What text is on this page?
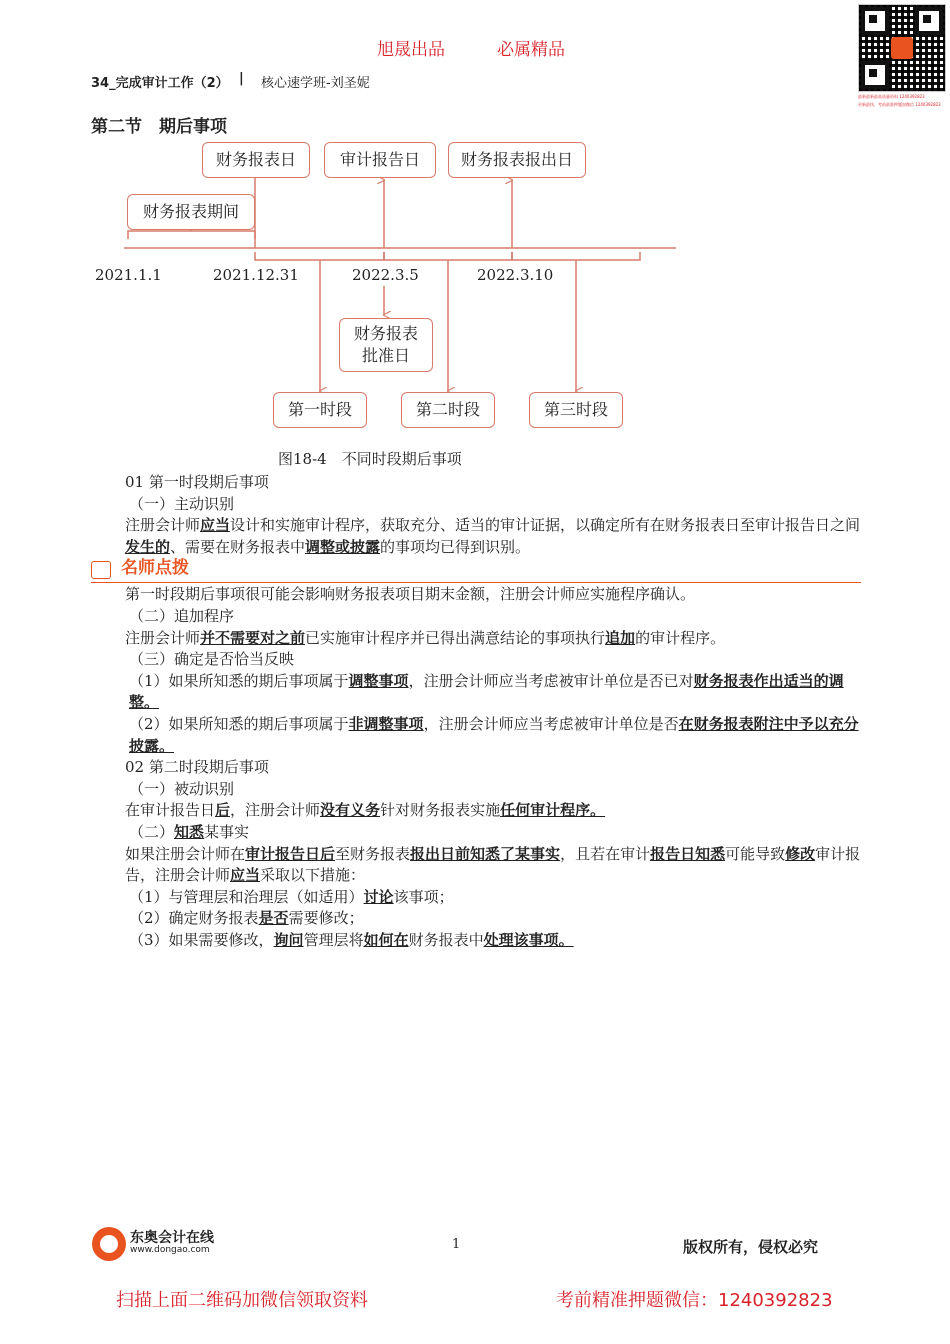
旭晟出品	必属精品
34_完成审计工作（2） | 核心速学班-刘圣妮
最新最新最高质量资料 1240392823
更新最快，考前最准押题加微信 1240392823
第二节　期后事项
财务报表日	审计报告日	财务报表报出日
财务报表期间
2021.1.1	2021.12.31	2022.3.5	2022.3.10
财务报表
批准日
第一时段	第二时段	第三时段
图18-4　不同时段期后事项

01 第一时段期后事项

（一）主动识别

注册会计师应当设计和实施审计程序，获取充分、适当的审计证据，以确定所有在财务报表日至审计报告日之间发生的、需要在财务报表中调整或披露的事项均已得到识别。

名师点拨

第一时段期后事项很可能会影响财务报表项目期末金额，注册会计师应实施程序确认。

（二）追加程序

注册会计师并不需要对之前已实施审计程序并已得出满意结论的事项执行追加的审计程序。

（三）确定是否恰当反映

（1）如果所知悉的期后事项属于调整事项，注册会计师应当考虑被审计单位是否已对财务报表作出适当的调整。

（2）如果所知悉的期后事项属于非调整事项，注册会计师应当考虑被审计单位是否在财务报表附注中予以充分披露。

02 第二时段期后事项

（一）被动识别

在审计报告日后，注册会计师没有义务针对财务报表实施任何审计程序。

（二）知悉某事实

如果注册会计师在审计报告日后至财务报表报出日前知悉了某事实，且若在审计报告日知悉可能导致修改审计报告，注册会计师应当采取以下措施：

（1）与管理层和治理层（如适用）讨论该事项；

（2）确定财务报表是否需要修改；

（3）如果需要修改，询问管理层将如何在财务报表中处理该事项。

东奥会计在线
www.dongao.com	1	版权所有，侵权必究
扫描上面二维码加微信领取资料	考前精准押题微信：1240392823
